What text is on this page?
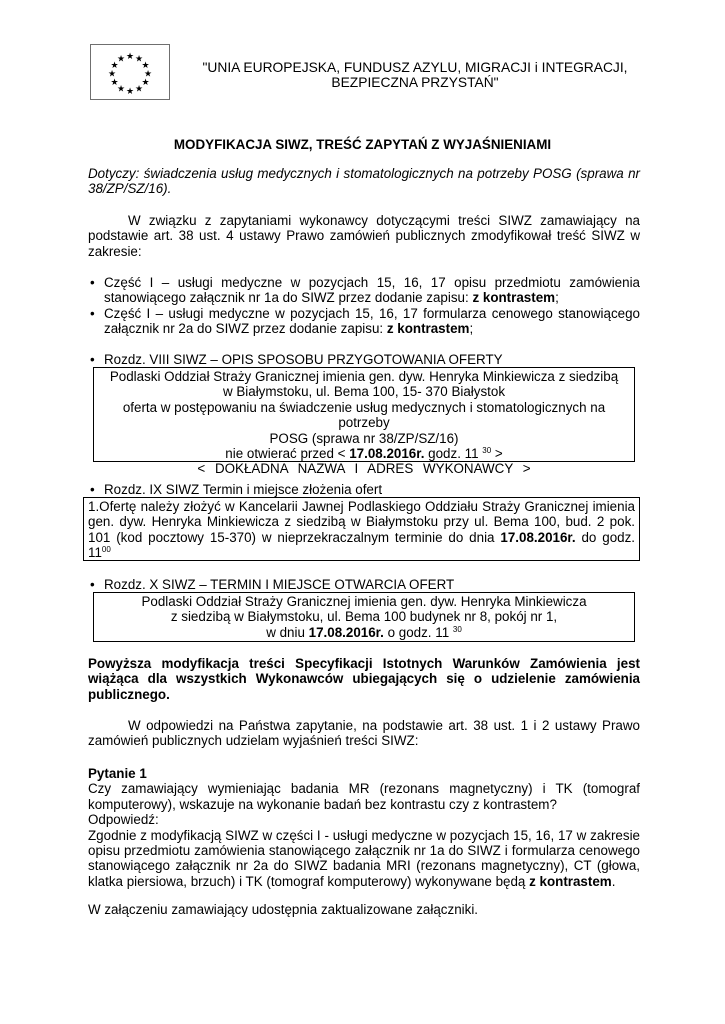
★ ★
★
★
★
★
★
★
★
★
★
★
"UNIA EUROPEJSKA, FUNDUSZ AZYLU, MIGRACJI i INTEGRACJI,
BEZPIECZNA PRZYSTAŃ"
MODYFIKACJA SIWZ, TREŚĆ ZAPYTAŃ Z WYJAŚNIENIAMI
Dotyczy: świadczenia usług medycznych i stomatologicznych na potrzeby POSG (sprawa nr 38/ZP/SZ/16).
W związku z zapytaniami wykonawcy dotyczącymi treści SIWZ zamawiający na podstawie art. 38 ust. 4 ustawy Prawo zamówień publicznych zmodyfikował treść SIWZ w zakresie:
• Część I – usługi medyczne w pozycjach 15, 16, 17 opisu przedmiotu zamówienia stanowiącego załącznik nr 1a do SIWZ przez dodanie zapisu: z kontrastem;
• Część I – usługi medyczne w pozycjach 15, 16, 17 formularza cenowego stanowiącego załącznik nr 2a do SIWZ przez dodanie zapisu: z kontrastem;
• Rozdz. VIII SIWZ – OPIS SPOSOBU PRZYGOTOWANIA OFERTY
Podlaski Oddział Straży Granicznej imienia gen. dyw. Henryka Minkiewicza z siedzibą
w Białymstoku, ul. Bema 100, 15- 370 Białystok
oferta w postępowaniu na świadczenie usług medycznych i stomatologicznych na potrzeby
POSG (sprawa nr 38/ZP/SZ/16)
nie otwierać przed < 17.08.2016r. godz. 11 $^{30}$ >
< DOKŁADNA NAZWA I ADRES WYKONAWCY >
• Rozdz. IX SIWZ Termin i miejsce złożenia ofert
1.Ofertę należy złożyć w Kancelarii Jawnej Podlaskiego Oddziału Straży Granicznej imienia gen. dyw. Henryka Minkiewicza z siedzibą w Białymstoku przy ul. Bema 100, bud. 2 pok. 101 (kod pocztowy 15-370) w nieprzekraczalnym terminie do dnia 17.08.2016r. do godz. $11^{00}$
• Rozdz. X SIWZ – TERMIN I MIEJSCE OTWARCIA OFERT
Podlaski Oddział Straży Granicznej imienia gen. dyw. Henryka Minkiewicza
z siedzibą w Białymstoku, ul. Bema 100 budynek nr 8, pokój nr 1,
w dniu 17.08.2016r. o godz. 11 $^{30}$
Powyższa modyfikacja treści Specyfikacji Istotnych Warunków Zamówienia jest wiążąca dla wszystkich Wykonawców ubiegających się o udzielenie zamówienia publicznego.
W odpowiedzi na Państwa zapytanie, na podstawie art. 38 ust. 1 i 2 ustawy Prawo zamówień publicznych udzielam wyjaśnień treści SIWZ:

Pytanie 1

Czy zamawiający wymieniając badania MR (rezonans magnetyczny) i TK (tomograf komputerowy), wskazuje na wykonanie badań bez kontrastu czy z kontrastem?

Odpowiedź:

Zgodnie z modyfikacją SIWZ w części I - usługi medyczne w pozycjach 15, 16, 17 w zakresie opisu przedmiotu zamówienia stanowiącego załącznik nr 1a do SIWZ i formularza cenowego stanowiącego załącznik nr 2a do SIWZ badania MRI (rezonans magnetyczny), CT (głowa, klatka piersiowa, brzuch) i TK (tomograf komputerowy) wykonywane będą z kontrastem.

W załączeniu zamawiający udostępnia zaktualizowane załączniki.
